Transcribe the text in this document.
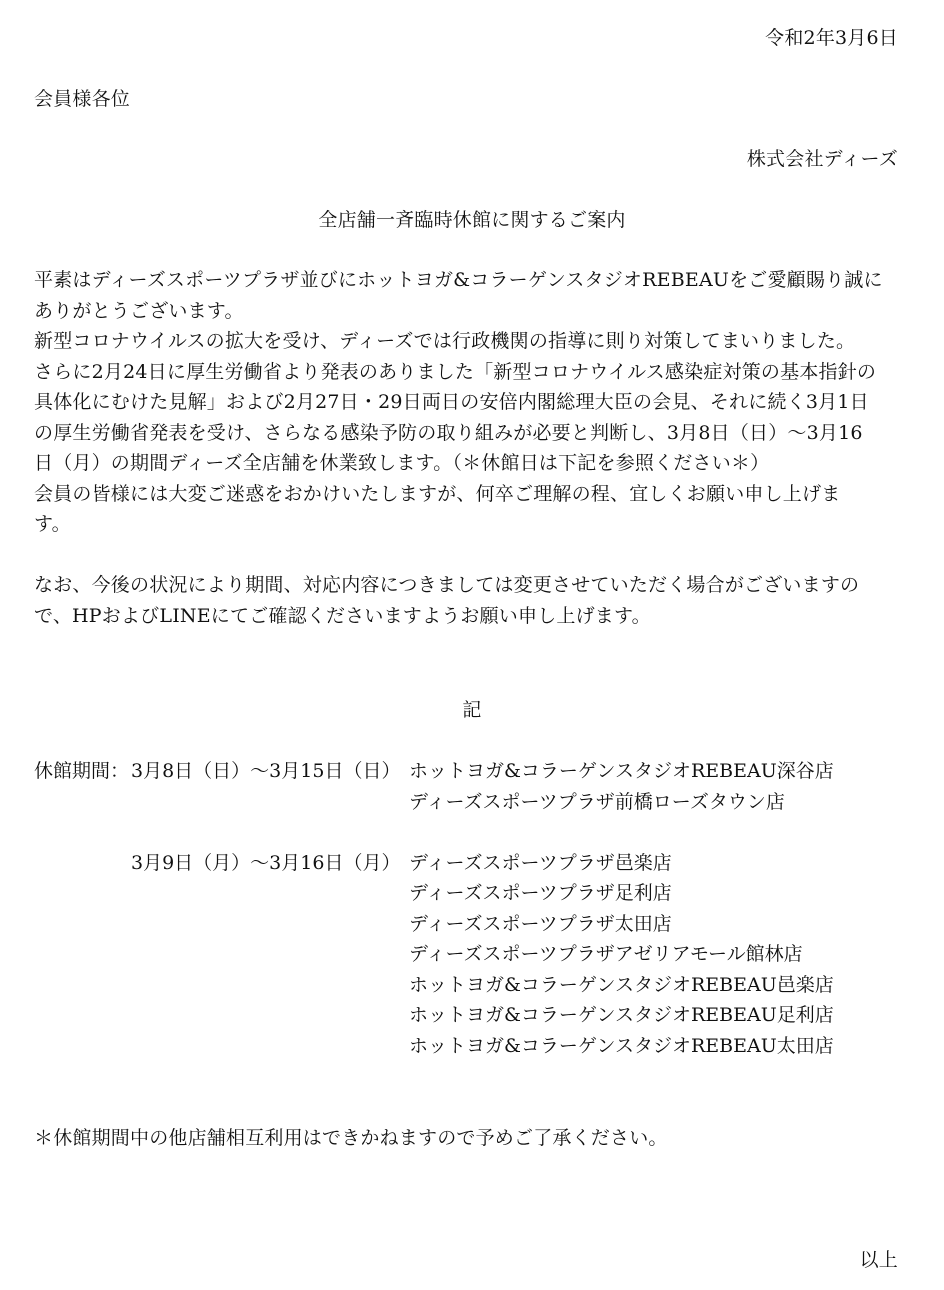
令和2年3月6日
会員様各位
株式会社ディーズ
全店舗一斉臨時休館に関するご案内
平素はディーズスポーツプラザ並びにホットヨガ&コラーゲンスタジオREBEAUをご愛顧賜り誠に
ありがとうございます。
新型コロナウイルスの拡大を受け、ディーズでは行政機関の指導に則り対策してまいりました。
さらに2月24日に厚生労働省より発表のありました「新型コロナウイルス感染症対策の基本指針の
具体化にむけた見解」および2月27日・29日両日の安倍内閣総理大臣の会見、それに続く3月1日
の厚生労働省発表を受け、さらなる感染予防の取り組みが必要と判断し、3月8日（日）～3月16
日（月）の期間ディーズ全店舗を休業致します。（＊休館日は下記を参照ください＊）
会員の皆様には大変ご迷惑をおかけいたしますが、何卒ご理解の程、宜しくお願い申し上げま
す。
なお、今後の状況により期間、対応内容につきましては変更させていただく場合がございますの
で、HPおよびLINEにてご確認くださいますようお願い申し上げます。
記
休館期間： 3月8日（日）～3月15日（日） ホットヨガ&コラーゲンスタジオREBEAU深谷店
ディーズスポーツプラザ前橋ローズタウン店
3月9日（月）～3月16日（月） ディーズスポーツプラザ邑楽店
ディーズスポーツプラザ足利店
ディーズスポーツプラザ太田店
ディーズスポーツプラザアゼリアモール館林店
ホットヨガ&コラーゲンスタジオREBEAU邑楽店
ホットヨガ&コラーゲンスタジオREBEAU足利店
ホットヨガ&コラーゲンスタジオREBEAU太田店
＊休館期間中の他店舗相互利用はできかねますので予めご了承ください。
以上
